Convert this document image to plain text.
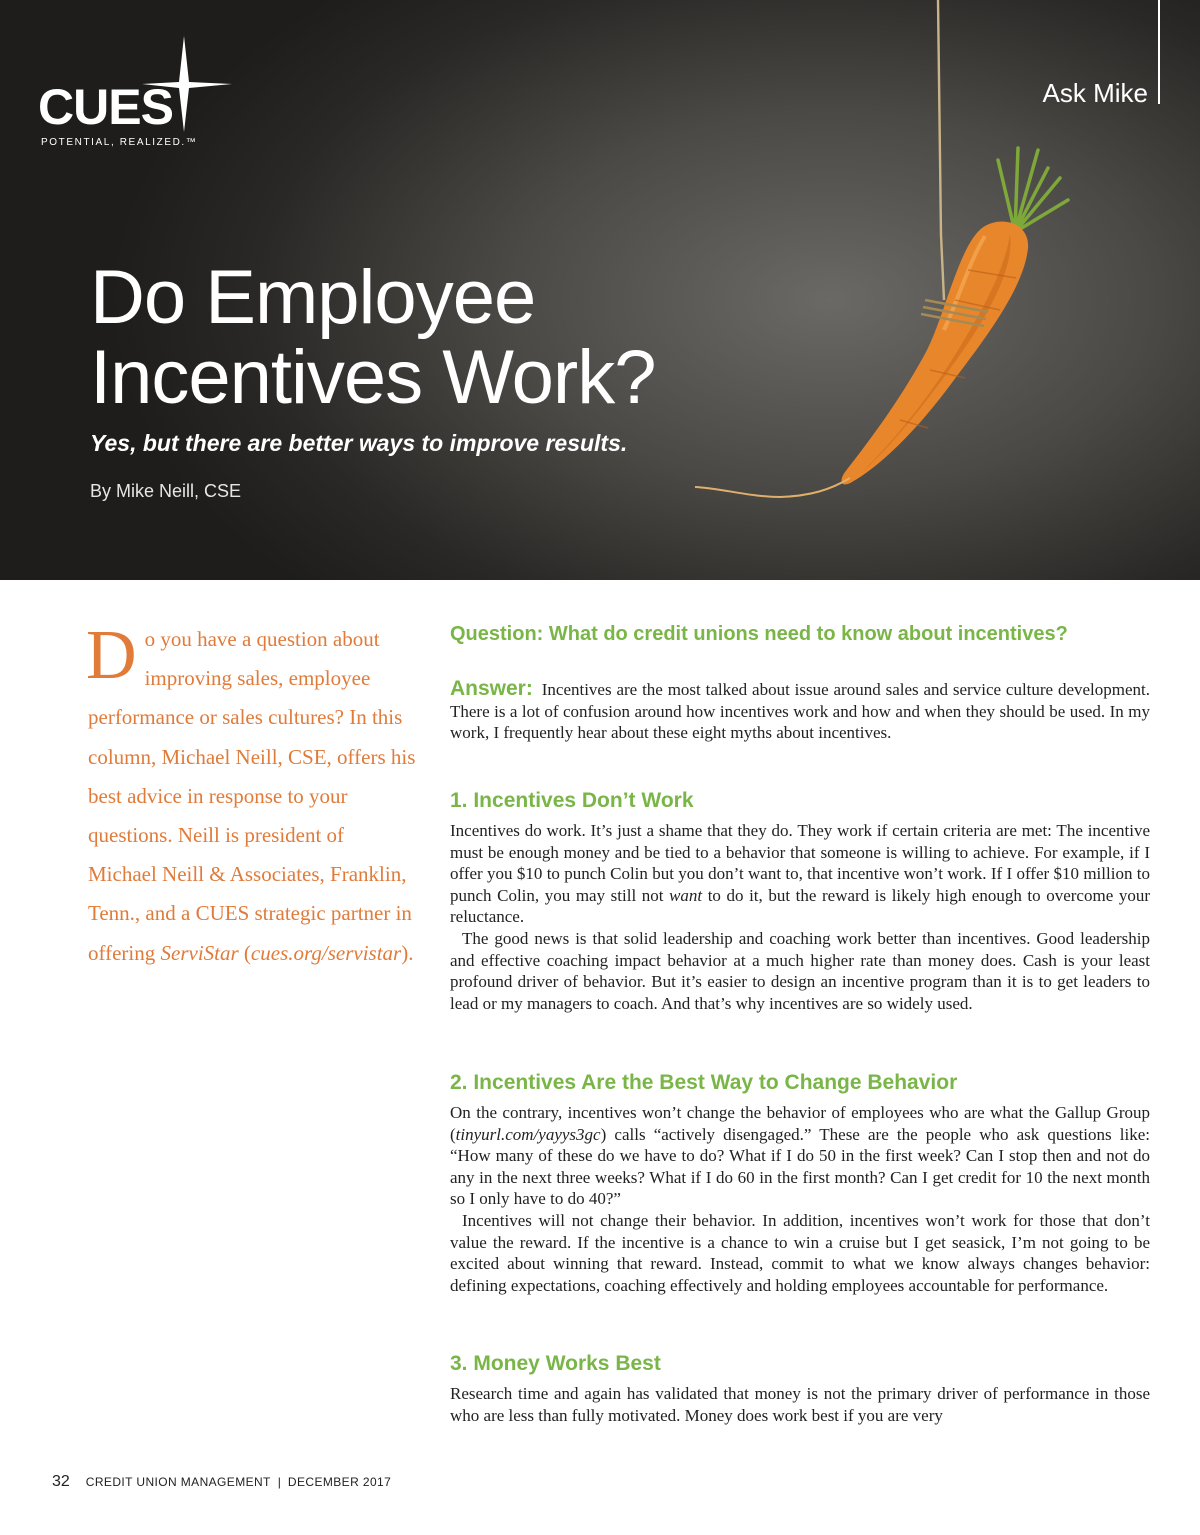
CUES
POTENTIAL, REALIZED.™
Ask Mike
Do Employee
Incentives Work?
Yes, but there are better ways to improve results.
By Mike Neill, CSE
Do you have a question about improving sales, employee performance or sales cultures? In this column, Michael Neill, CSE, offers his best advice in response to your questions. Neill is president of Michael Neill & Associates, Franklin, Tenn., and a CUES strategic partner in offering ServiStar (cues.org/servistar).
Question: What do credit unions need to know about incentives?

Answer: Incentives are the most talked about issue around sales and service culture development. There is a lot of confusion around how incentives work and how and when they should be used. In my work, I frequently hear about these eight myths about incentives.

1. Incentives Don’t Work

Incentives do work. It’s just a shame that they do. They work if certain criteria are met: The incentive must be enough money and be tied to a behavior that someone is willing to achieve. For example, if I offer you $10 to punch Colin but you don’t want to, that incentive won’t work. If I offer $10 million to punch Colin, you may still not want to do it, but the reward is likely high enough to overcome your reluctance.

The good news is that solid leadership and coaching work better than incentives. Good leadership and effective coaching impact behavior at a much higher rate than money does. Cash is your least profound driver of behavior. But it’s easier to design an incentive program than it is to get leaders to lead or my managers to coach. And that’s why incentives are so widely used.

2. Incentives Are the Best Way to Change Behavior

On the contrary, incentives won’t change the behavior of employees who are what the Gallup Group (tinyurl.com/yayys3gc) calls “actively disengaged.” These are the people who ask questions like: “How many of these do we have to do? What if I do 50 in the first week? Can I stop then and not do any in the next three weeks? What if I do 60 in the first month? Can I get credit for 10 the next month so I only have to do 40?”

Incentives will not change their behavior. In addition, incentives won’t work for those that don’t value the reward. If the incentive is a chance to win a cruise but I get seasick, I’m not going to be excited about winning that reward. Instead, commit to what we know always changes behavior: defining expectations, coaching effectively and holding employees accountable for performance.

3. Money Works Best

Research time and again has validated that money is not the primary driver of performance in those who are less than fully motivated. Money does work best if you are very

32 CREDIT UNION MANAGEMENT | DECEMBER 2017
